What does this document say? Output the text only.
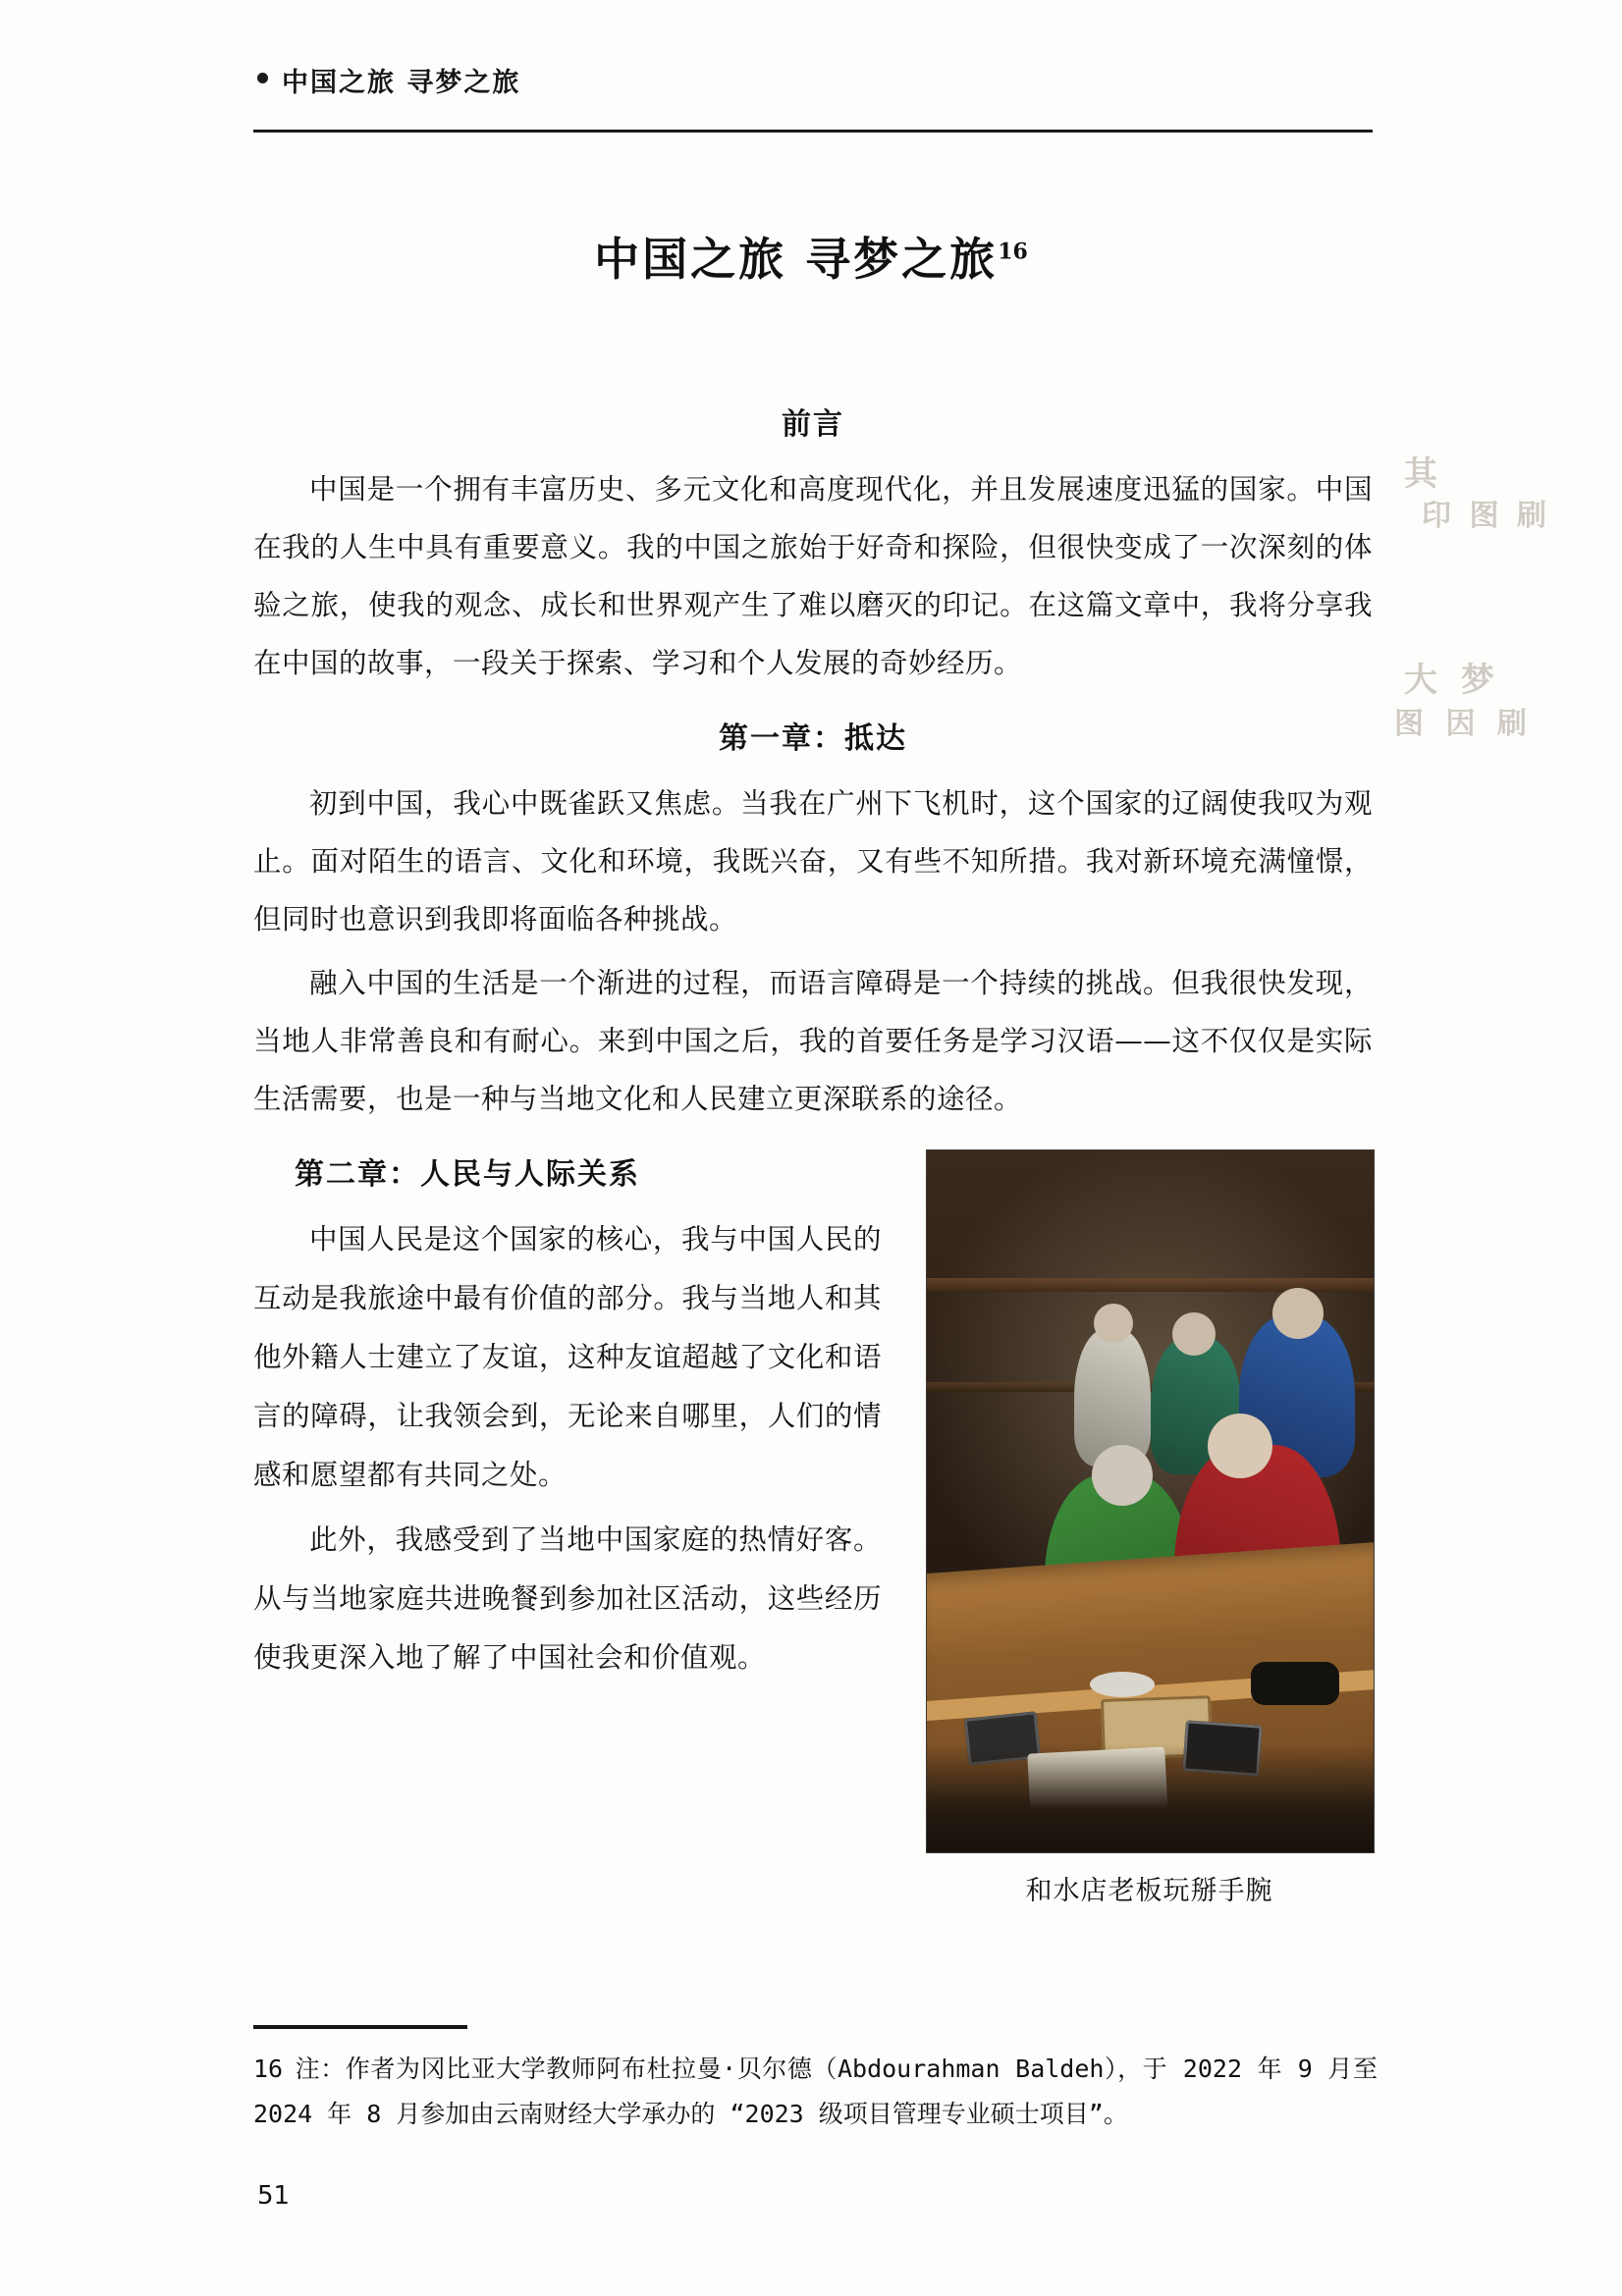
其
印 图 刷
大 梦
图 因 刷
中国之旅 寻梦之旅
中国之旅 寻梦之旅$^{16}$
前言

中国是一个拥有丰富历史、多元文化和高度现代化，并且发展速度迅猛的国家。中国在我的人生中具有重要意义。我的中国之旅始于好奇和探险，但很快变成了一次深刻的体验之旅，使我的观念、成长和世界观产生了难以磨灭的印记。在这篇文章中，我将分享我在中国的故事，一段关于探索、学习和个人发展的奇妙经历。

第一章：抵达

初到中国，我心中既雀跃又焦虑。当我在广州下飞机时，这个国家的辽阔使我叹为观止。面对陌生的语言、文化和环境，我既兴奋，又有些不知所措。我对新环境充满憧憬，但同时也意识到我即将面临各种挑战。

融入中国的生活是一个渐进的过程，而语言障碍是一个持续的挑战。但我很快发现，当地人非常善良和有耐心。来到中国之后，我的首要任务是学习汉语——这不仅仅是实际生活需要，也是一种与当地文化和人民建立更深联系的途径。

和水店老板玩掰手腕
第二章：人民与人际关系

中国人民是这个国家的核心，我与中国人民的互动是我旅途中最有价值的部分。我与当地人和其他外籍人士建立了友谊，这种友谊超越了文化和语言的障碍，让我领会到，无论来自哪里，人们的情感和愿望都有共同之处。

此外，我感受到了当地中国家庭的热情好客。从与当地家庭共进晚餐到参加社区活动，这些经历使我更深入地了解了中国社会和价值观。

16 注：作者为冈比亚大学教师阿布杜拉曼·贝尔德（Abdourahman Baldeh），于 2022 年 9 月至 2024 年 8 月参加由云南财经大学承办的 “2023 级项目管理专业硕士项目”。
51
